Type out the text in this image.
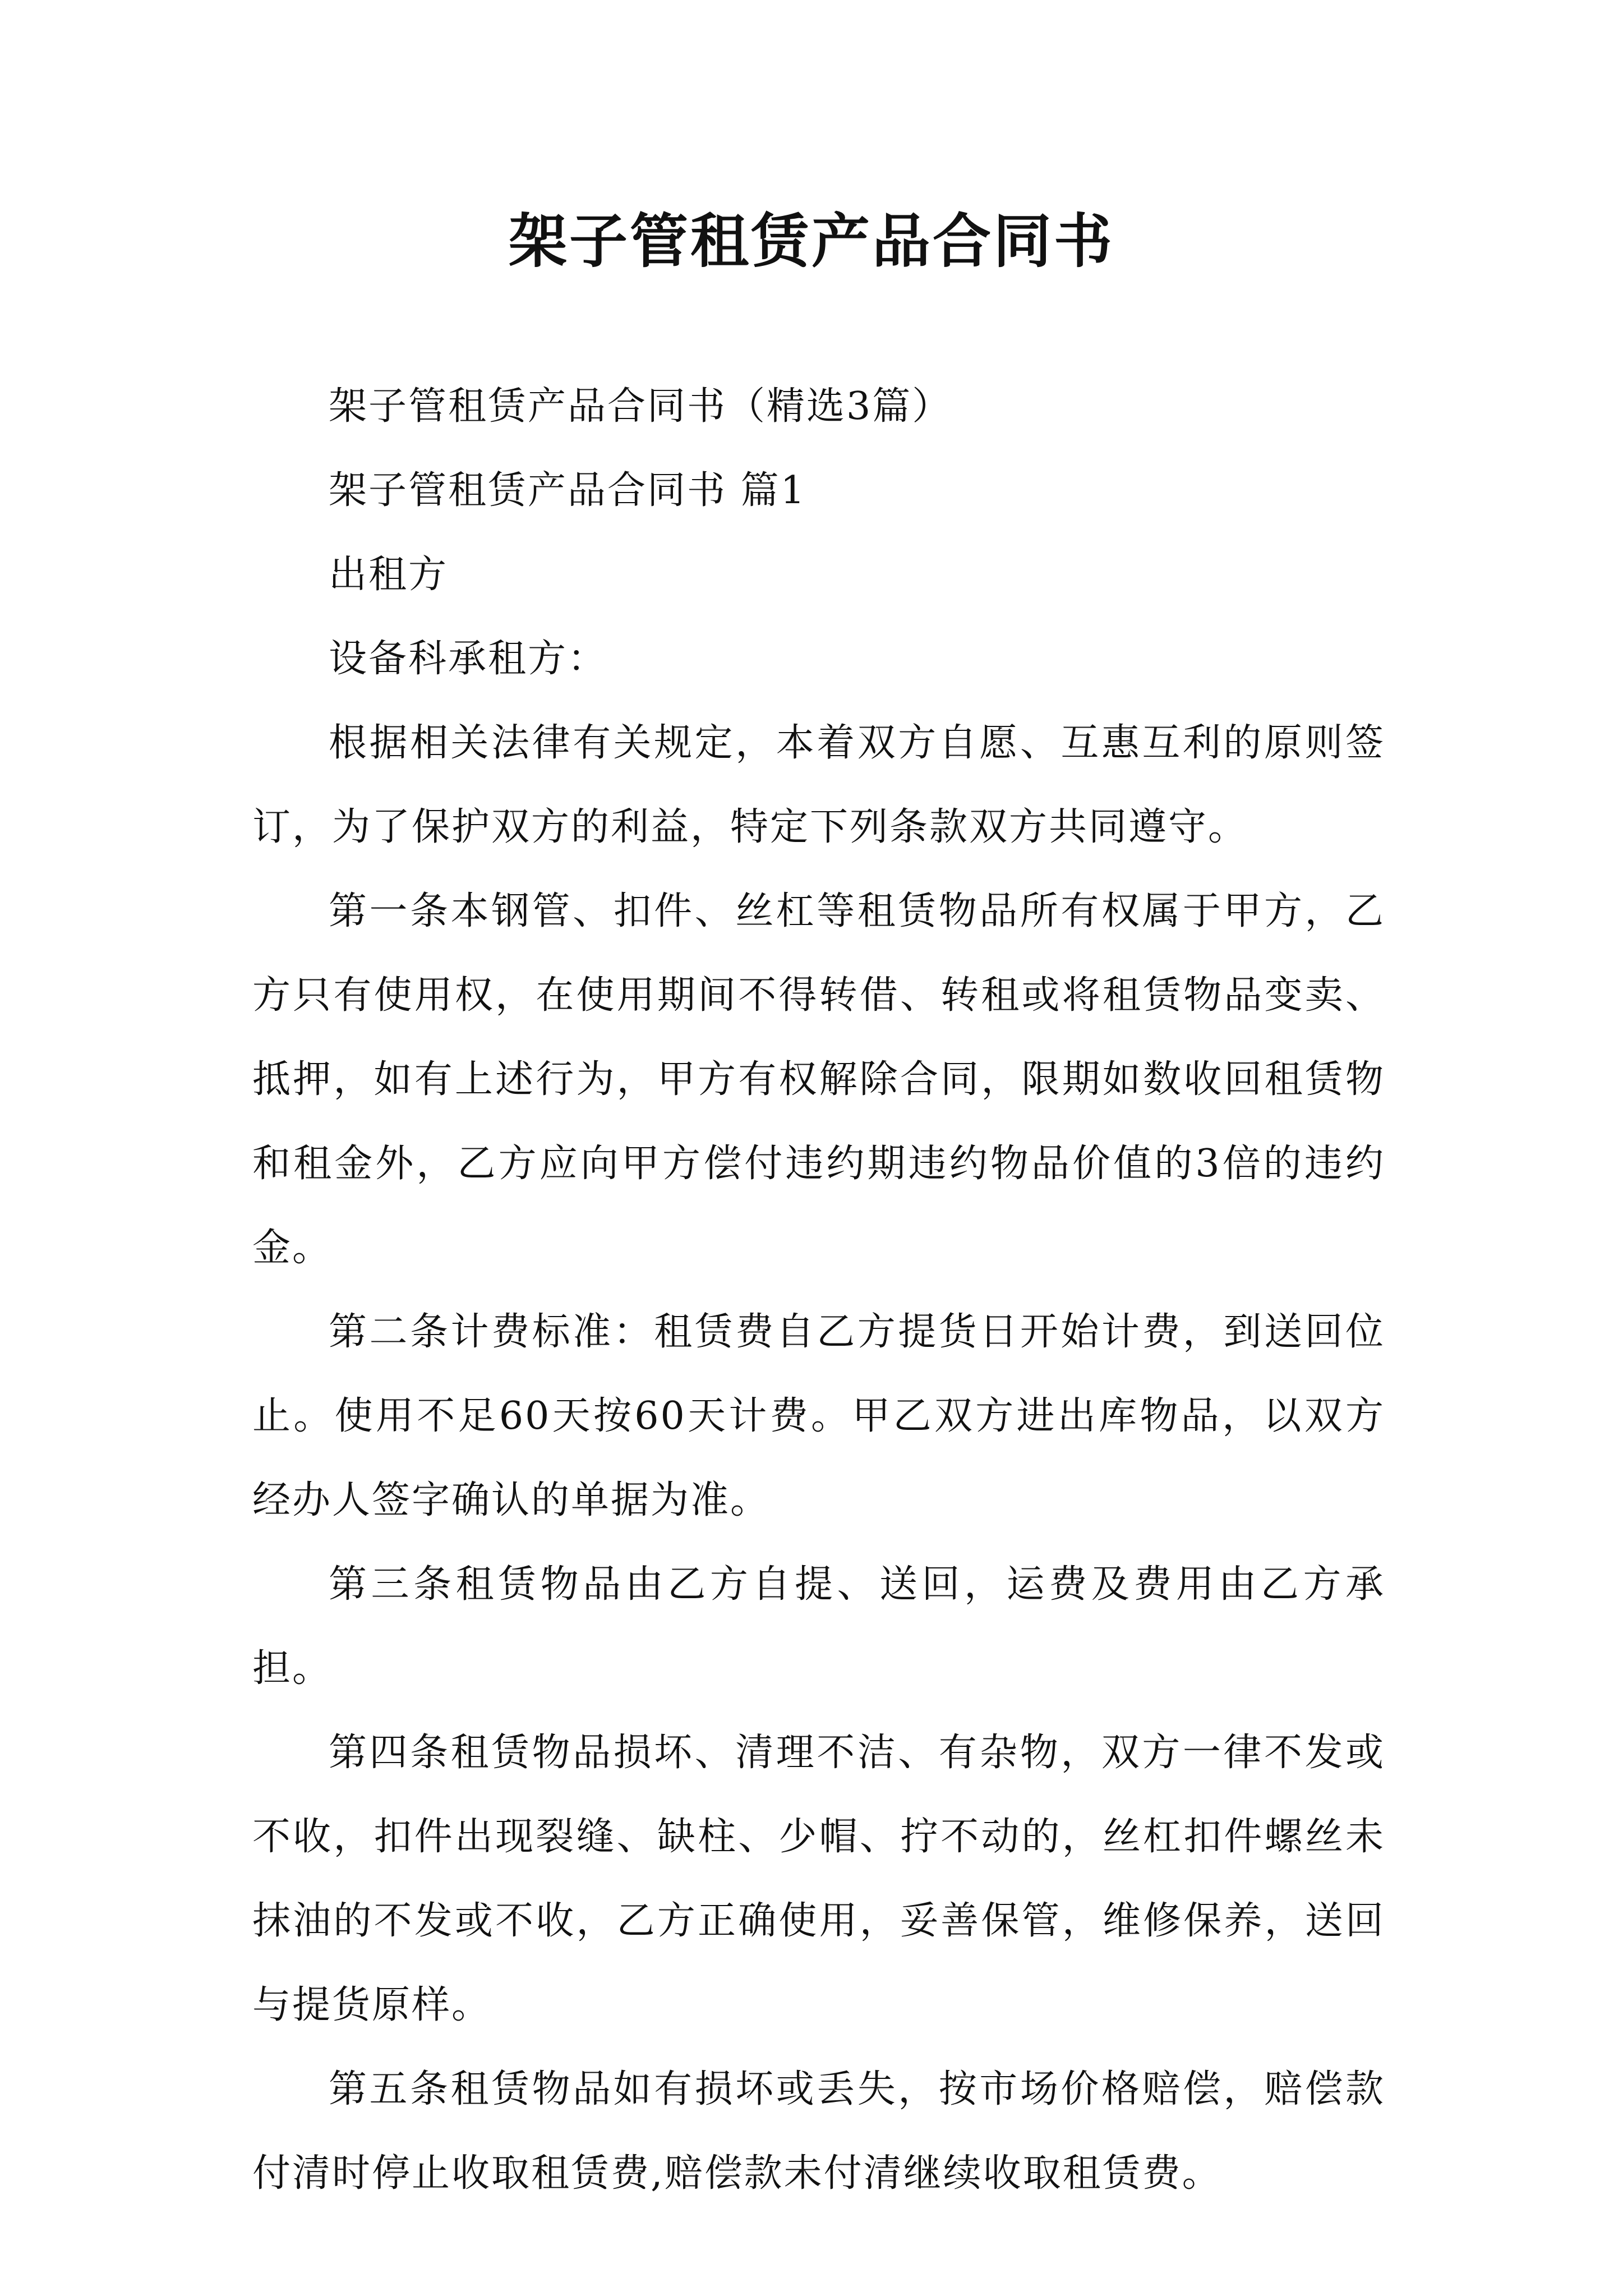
架子管租赁产品合同书

架子管租赁产品合同书（精选3篇）

架子管租赁产品合同书 篇1

出租方

设备科承租方：

根据相关法律有关规定，本着双方自愿、互惠互利的原则签订，为了保护双方的利益，特定下列条款双方共同遵守。

第一条本钢管、扣件、丝杠等租赁物品所有权属于甲方，乙方只有使用权，在使用期间不得转借、转租或将租赁物品变卖、抵押，如有上述行为，甲方有权解除合同，限期如数收回租赁物和租金外，乙方应向甲方偿付违约期违约物品价值的3倍的违约金。

第二条计费标准：租赁费自乙方提货日开始计费，到送回位止。使用不足60天按60天计费。甲乙双方进出库物品，以双方经办人签字确认的单据为准。

第三条租赁物品由乙方自提、送回，运费及费用由乙方承担。

第四条租赁物品损坏、清理不洁、有杂物，双方一律不发或不收，扣件出现裂缝、缺柱、少帽、拧不动的，丝杠扣件螺丝未抹油的不发或不收，乙方正确使用，妥善保管，维修保养，送回与提货原样。

第五条租赁物品如有损坏或丢失，按市场价格赔偿，赔偿款付清时停止收取租赁费,赔偿款未付清继续收取租赁费。
